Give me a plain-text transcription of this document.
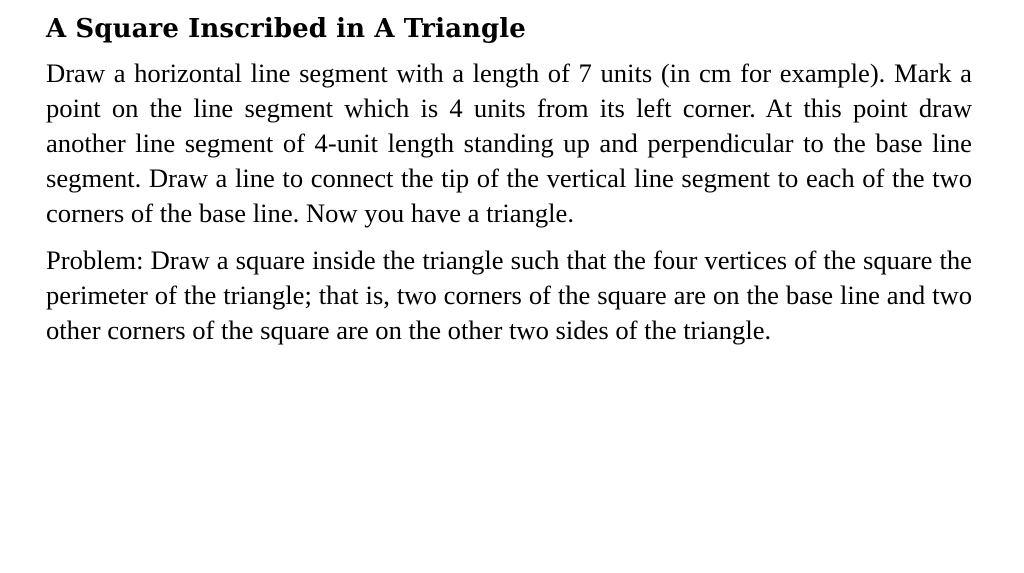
A Square Inscribed in A Triangle

Draw a horizontal line segment with a length of 7 units (in cm for example). Mark a point on the line segment which is 4 units from its left corner. At this point draw another line segment of 4-unit length standing up and perpendicular to the base line segment. Draw a line to connect the tip of the vertical line segment to each of the two corners of the base line. Now you have a triangle.

Problem: Draw a square inside the triangle such that the four vertices of the square the perimeter of the triangle; that is, two corners of the square are on the base line and two other corners of the square are on the other two sides of the triangle.
